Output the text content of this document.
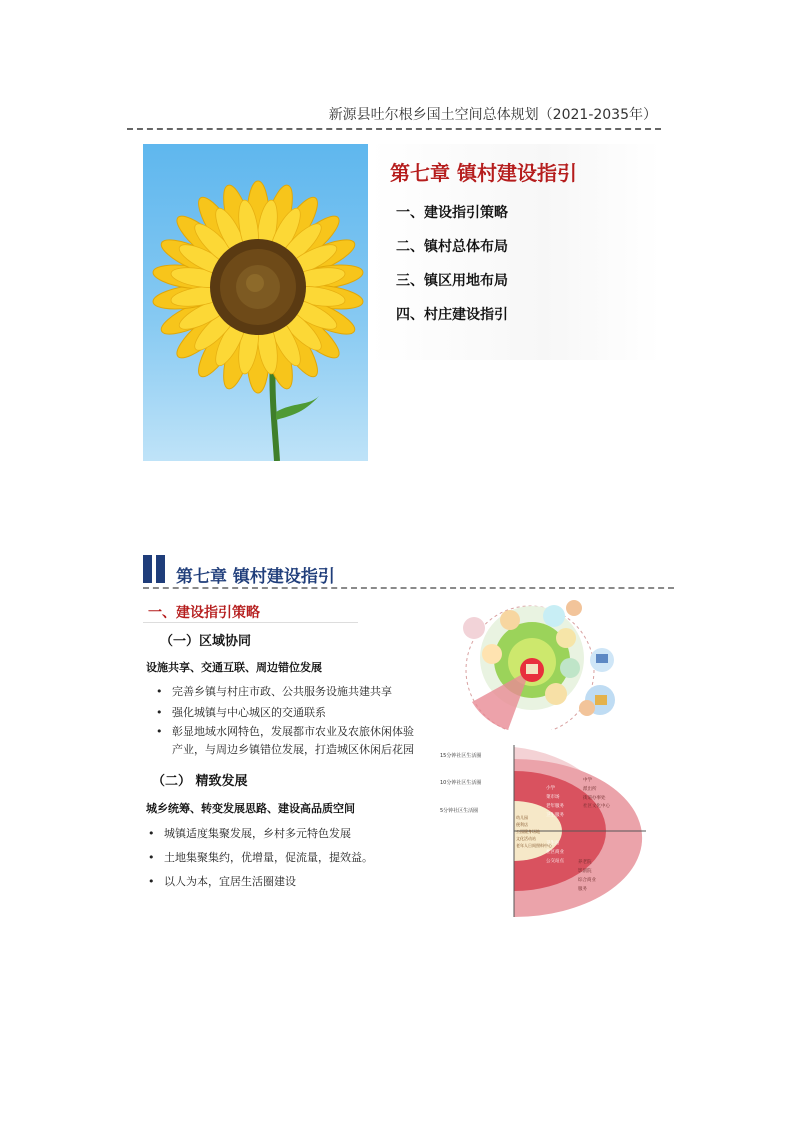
新源县吐尔根乡国土空间总体规划（2021-2035年）
第七章 镇村建设指引
一、建设指引策略
二、镇村总体布局
三、镇区用地布局
四、村庄建设指引
第七章 镇村建设指引
一、建设指引策略
（一）区域协同
设施共享、交通互联、周边错位发展
• 完善乡镇与村庄市政、公共服务设施共建共享
• 强化城镇与中心城区的交通联系
• 彰显地域水网特色，发展都市农业及农旅休闲体验
产业，与周边乡镇错位发展，打造城区休闲后花园
（二） 精致发展
城乡统筹、转变发展思路、建设高品质空间
• 城镇适度集聚发展，乡村多元特色发展
• 土地集聚集约，优增量，促流量，提效益。
• 以人为本，宜居生活圈建设
15分钟社区生活圈
10分钟社区生活圈
5分钟社区生活圈
中学
派出所
街道办事处
社区文化中心
小学
菜市场
老年服务
卫生服务
卫生站
社区商业
公交站点
幼儿园
便利店
公园健身场地
文化活动站
老年人日间照料中心
养老院
影剧院
综合商业
服务
